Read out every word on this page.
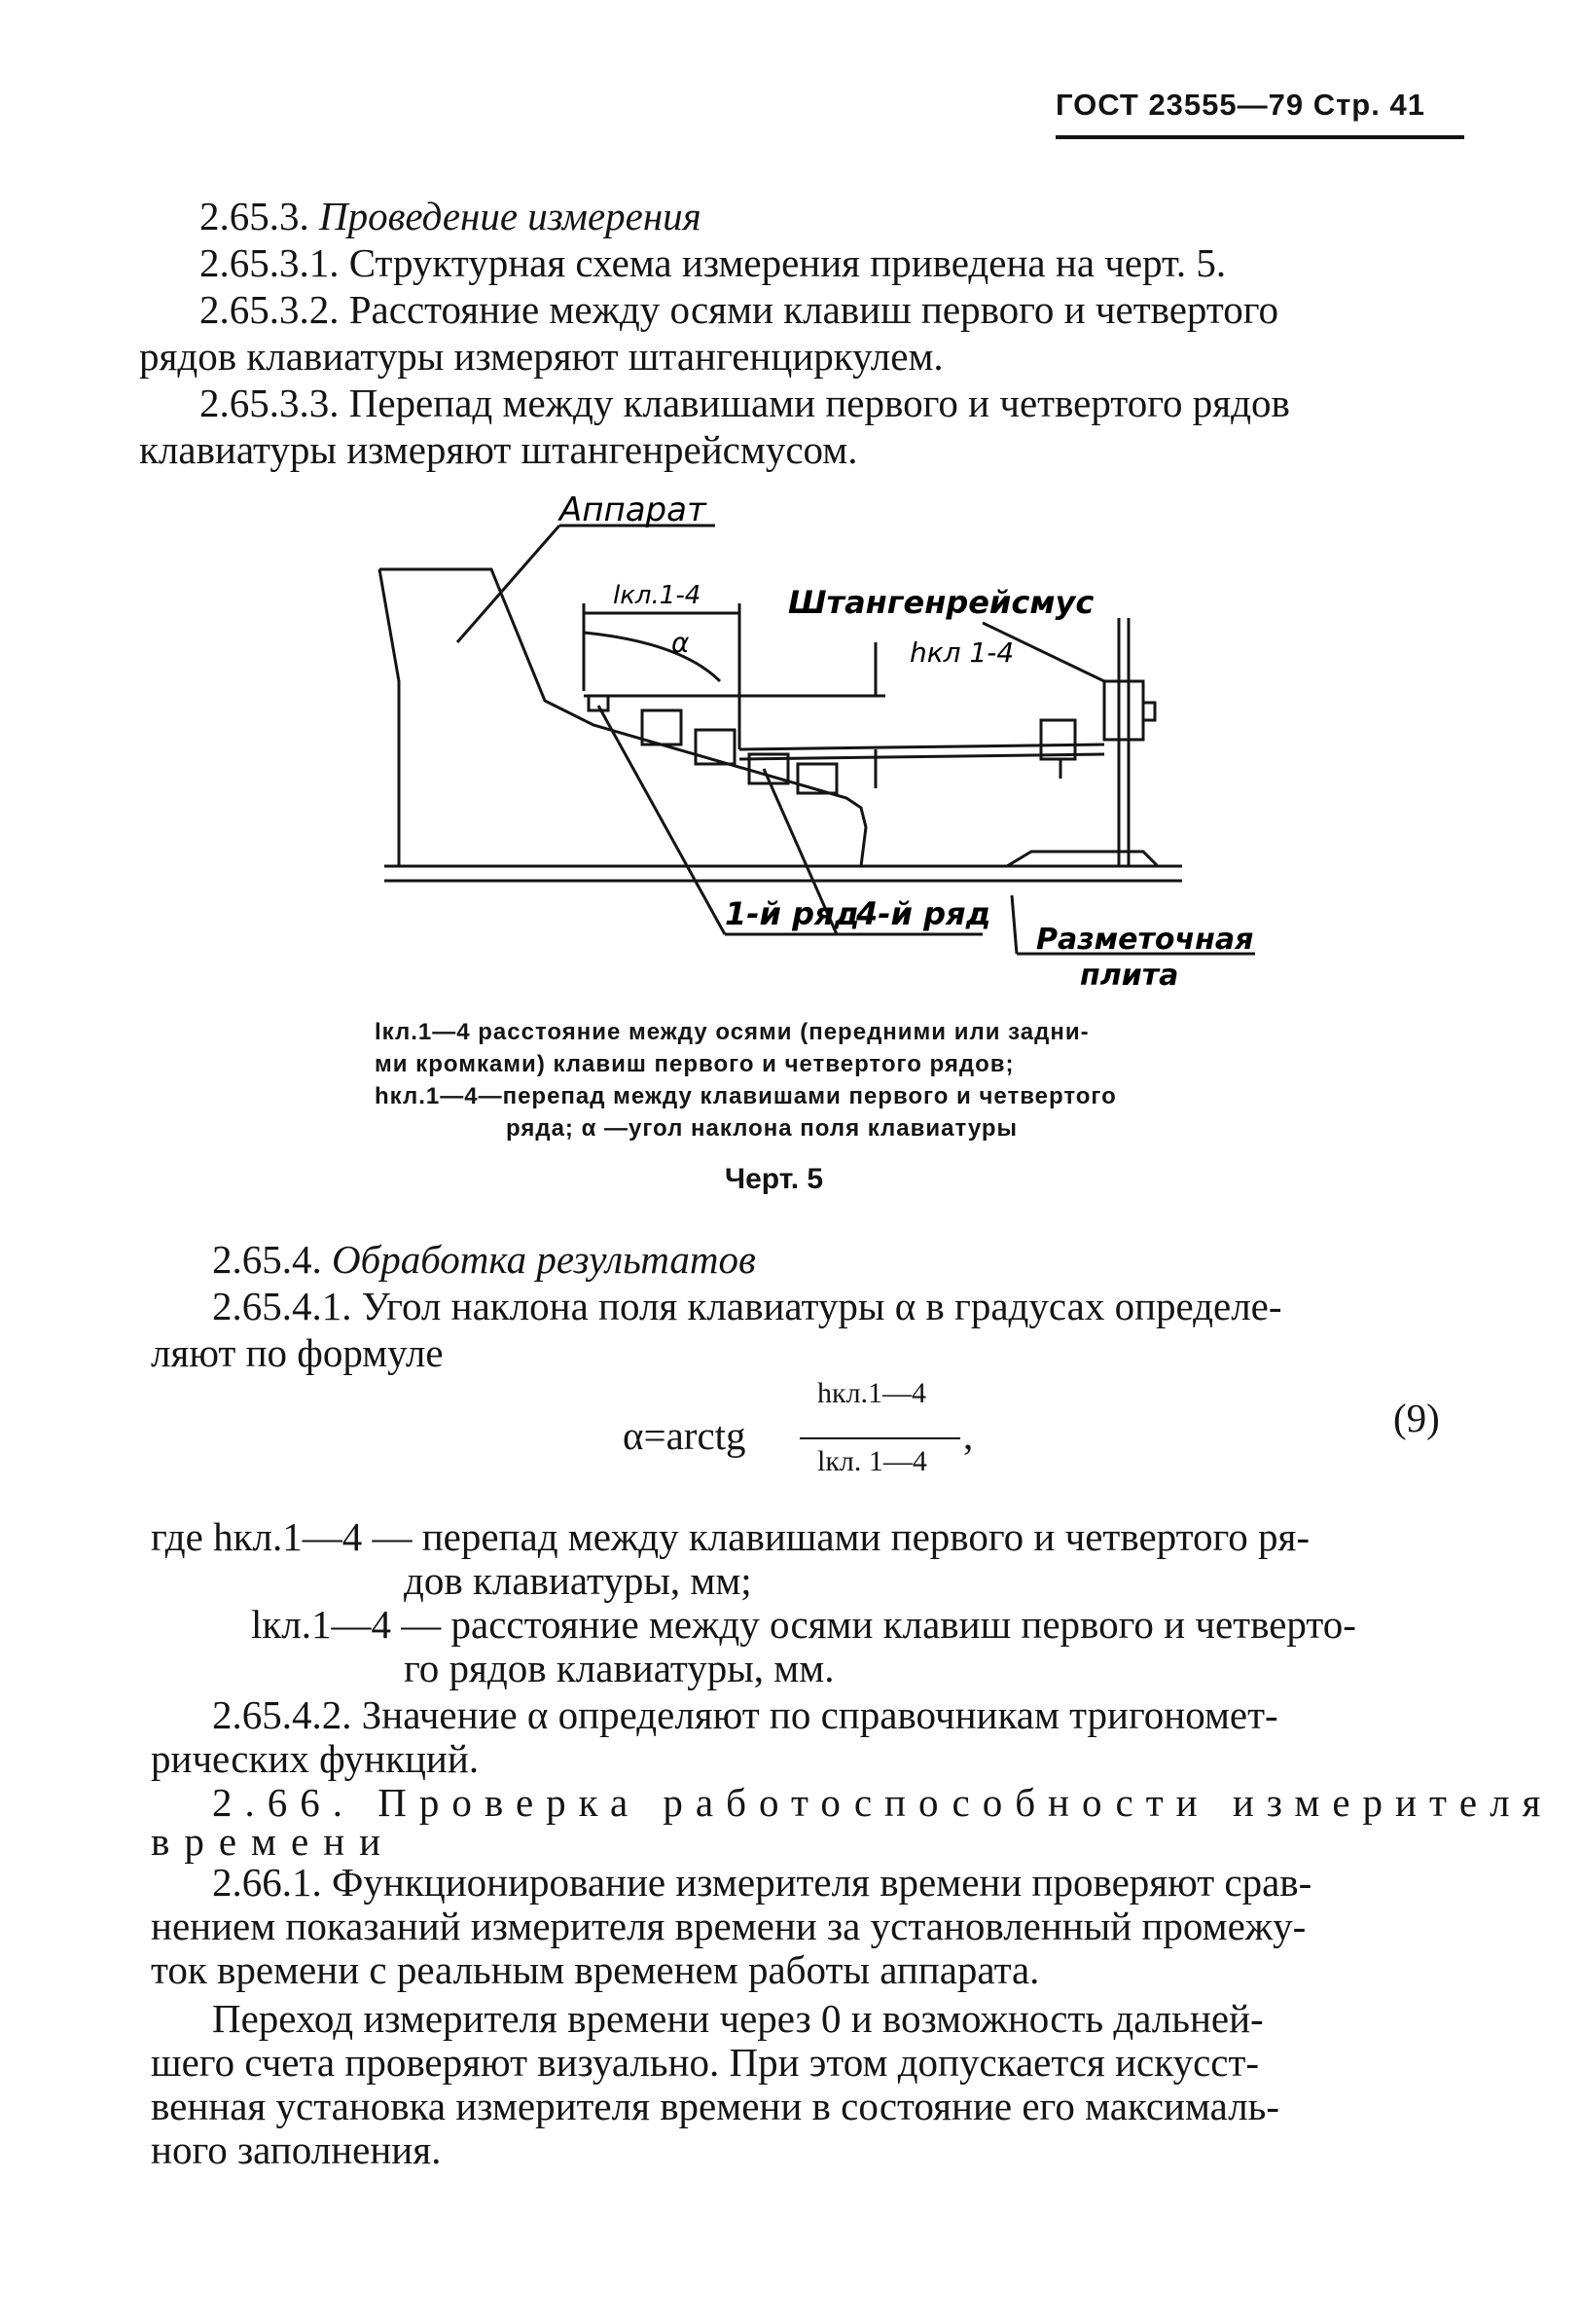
ГОСТ 23555—79 Стр. 41
2.65.3. Проведение измерения
2.65.3.1. Структурная схема измерения приведена на черт. 5.
2.65.3.2. Расстояние между осями клавиш первого и четвертого
рядов клавиатуры измеряют штангенциркулем.
2.65.3.3. Перепад между клавишами первого и четвертого рядов
клавиатуры измеряют штангенрейсмусом.
Аппарат
lкл.1-4
α
Штангенрейсмус
hкл 1-4
1-й ряд
4-й ряд
Разметочная
плита
lкл.1—4 расстояние между осями (передними или задни-
ми кромками) клавиш первого и четвертого рядов;
hкл.1—4—перепад между клавишами первого и четвертого
ряда; α —угол наклона поля клавиатуры
Черт. 5
2.65.4. Обработка результатов
2.65.4.1. Угол наклона поля клавиатуры α в градусах определе-
ляют по формуле
α=arctg
hкл.1—4
lкл. 1—4
,	(9)
где hкл.1—4 — перепад между клавишами первого и четвертого ря-
дов клавиатуры, мм;
lкл.1—4 — расстояние между осями клавиш первого и четверто-
го рядов клавиатуры, мм.
2.65.4.2. Значение α определяют по справочникам тригономет-
рических функций.
2.66. Проверка работоспособности измерителя
времени
2.66.1. Функционирование измерителя времени проверяют срав-
нением показаний измерителя времени за установленный промежу-
ток времени с реальным временем работы аппарата.
Переход измерителя времени через 0 и возможность дальней-
шего счета проверяют визуально. При этом допускается искусст-
венная установка измерителя времени в состояние его максималь-
ного заполнения.
